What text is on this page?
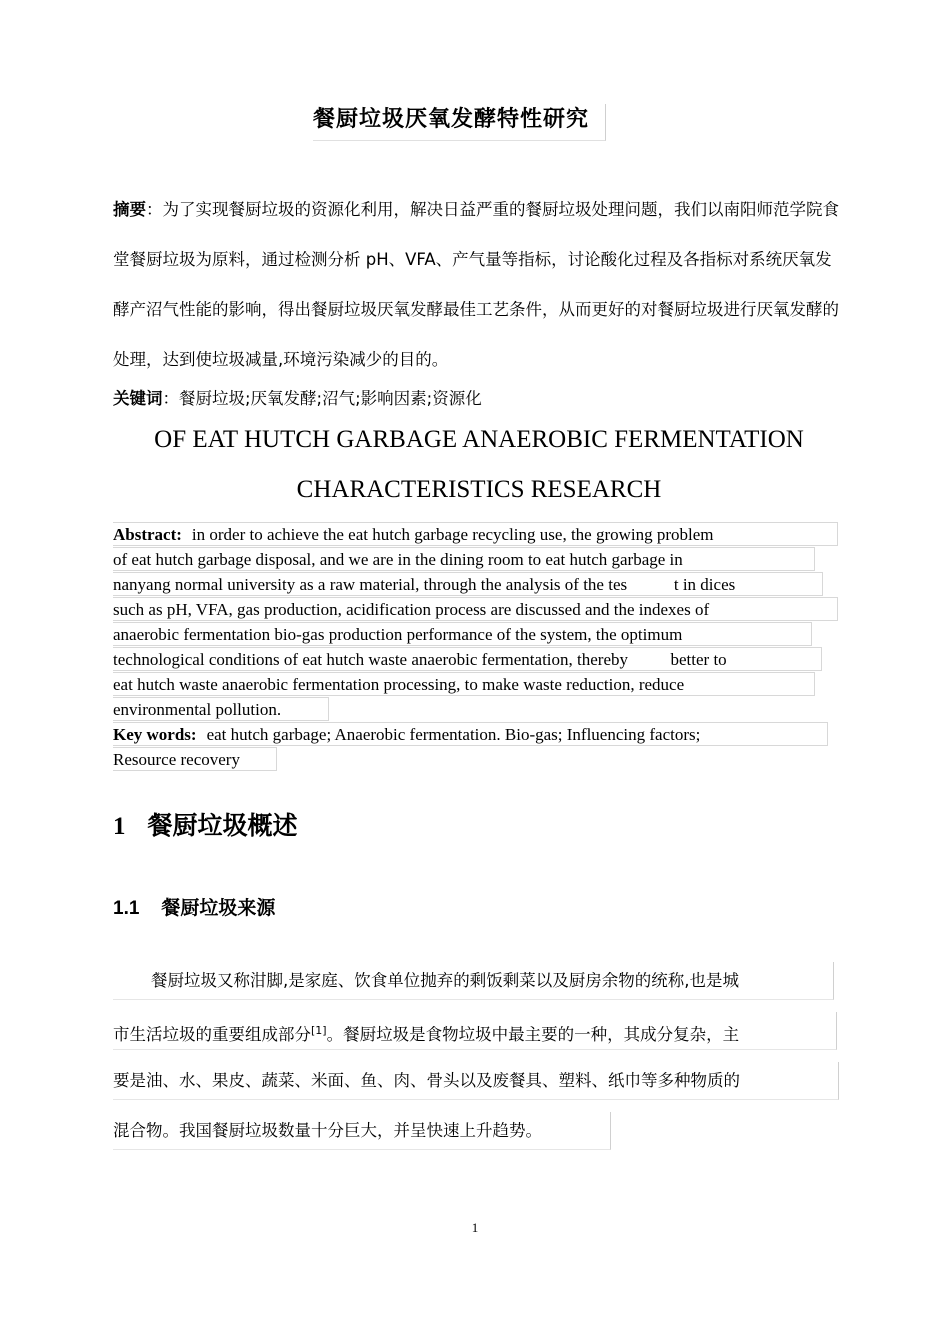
餐厨垃圾厌氧发酵特性研究
摘要：为了实现餐厨垃圾的资源化利用，解决日益严重的餐厨垃圾处理问题，我们以南阳师范学院食堂餐厨垃圾为原料，通过检测分析 pH、VFA、产气量等指标，讨论酸化过程及各指标对系统厌氧发酵产沼气性能的影响，得出餐厨垃圾厌氧发酵最佳工艺条件，从而更好的对餐厨垃圾进行厌氧发酵的处理，达到使垃圾减量,环境污染减少的目的。
关键词：餐厨垃圾;厌氧发酵;沼气;影响因素;资源化
OF EAT HUTCH GARBAGE ANAEROBIC FERMENTATION
CHARACTERISTICS RESEARCH
Abstract: in order to achieve the eat hutch garbage recycling use, the growing problem
of eat hutch garbage disposal, and we are in the dining room to eat hutch garbage in
nanyang normal university as a raw material, through the analysis of the tes           t in dices
such as pH, VFA, gas production, acidification process are discussed and the indexes of
anaerobic fermentation bio-gas production performance of the system, the optimum
technological conditions of eat hutch waste anaerobic fermentation, thereby          better to
eat hutch waste anaerobic fermentation processing, to make waste reduction, reduce
environmental pollution.
Key words: eat hutch garbage; Anaerobic fermentation. Bio-gas; Influencing factors;
Resource recovery
1 餐厨垃圾概述
1.1 餐厨垃圾来源
餐厨垃圾又称泔脚,是家庭、饮食单位抛弃的剩饭剩菜以及厨房余物的统称,也是城
市生活垃圾的重要组成部分[1]。餐厨垃圾是食物垃圾中最主要的一种，其成分复杂，主
要是油、水、果皮、蔬菜、米面、鱼、肉、骨头以及废餐具、塑料、纸巾等多种物质的
混合物。我国餐厨垃圾数量十分巨大，并呈快速上升趋势。
1
